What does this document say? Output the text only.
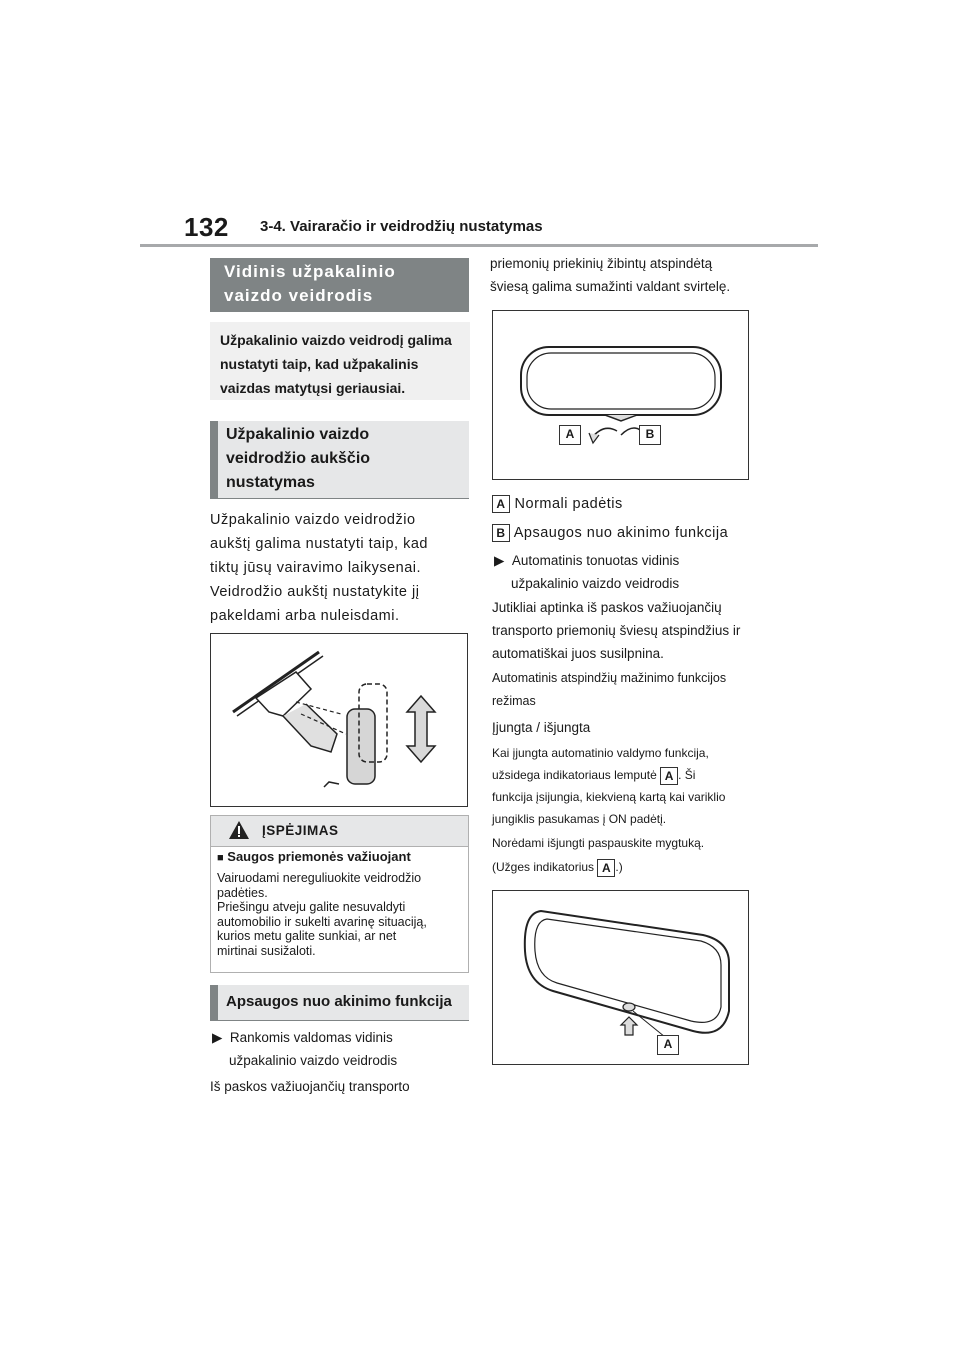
132 3-4. Vairaračio ir veidrodžių nustatymas
Vidinis užpakalinio
vaizdo veidrodis
Užpakalinio vaizdo veidrodį galima
nustatyti taip, kad užpakalinis
vaizdas matytųsi geriausiai.
Užpakalinio vaizdo
veidrodžio aukščio
nustatymas
Užpakalinio vaizdo veidrodžio
aukštį galima nustatyti taip, kad
tiktų jūsų vairavimo laikysenai.
Veidrodžio aukštį nustatykite jį
pakeldami arba nuleisdami.
ĮSPĖJIMAS
■ Saugos priemonės važiuojant
Vairuodami nereguliuokite veidrodžio
padėties.
Priešingu atveju galite nesuvaldyti
automobilio ir sukelti avarinę situaciją,
kurios metu galite sunkiai, ar net
mirtinai susižaloti.
Apsaugos nuo akinimo funkcija
▶ Rankomis valdomas vidinis
užpakalinio vaizdo veidrodis
Iš paskos važiuojančių transporto
priemonių priekinių žibintų atspindėtą
šviesą galima sumažinti valdant svirtelę.
A	B
A Normali padėtis
B Apsaugos nuo akinimo funkcija
▶ Automatinis tonuotas vidinis
užpakalinio vaizdo veidrodis
Jutikliai aptinka iš paskos važiuojančių
transporto priemonių šviesų atspindžius ir
automatiškai juos susilpnina.
Automatinis atspindžių mažinimo funkcijos
režimas
Įjungta / išjungta
Kai įjungta automatinio valdymo funkcija,
užsidega indikatoriaus lemputė A . Ši
funkcija įsijungia, kiekvieną kartą kai variklio
jungiklis pasukamas į ON padėtį.
Norėdami išjungti paspauskite mygtuką.
(Užges indikatorius A .)
A
